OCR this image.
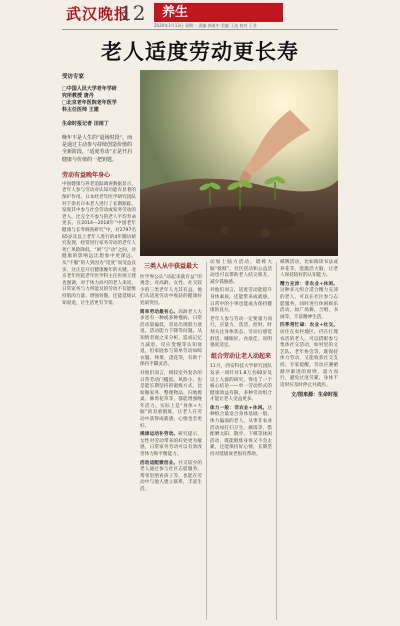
武汉晚报
12	养生
2020年1月13日 星期二 责编 郭道中 美编 王达 校对 王君
老人适度劳动更长寿
受访专家
□中国人民大学老年学研
究所教授 唐丹
□北京老年医院老年医学
科主任医师 王建
生命时报记者 田雨丁
晚年不是人生的“退场时段”，而是通过主动参与持续创造价值的全新阶段。“适度劳动”正是开启健康与价值的一把钥匙。
劳动有益晚年身心
中国健康与养老追踪调查数据显示，老年人参与劳动对认知功能有显著的保护作用。日本经老年医学研究团队对千余名日本老人进行了长期跟踪，发现其中参与社会劳动或家务劳动的老人，比完全不参与的老人平均寿命更长。在2014—2018年“中国老年健康与长寿调查研究”中，对2797名65岁及以上老年人进行的4年随访研究发现，经常进行家务劳动的老年人死亡风险降低。“闲”与“动”之间，对健康的影响远比想象中更深远。从“不服”的人到因为“适度”而受益良多，这正是开启健康晚年的关键。北京老年医院老年医学科主任医师王建也强调，对于体力尚可的老人来说，日常家务与力所能及的劳动不仅能维持肌肉力量、增强骨骼，还能延缓认知衰退，让生活更有节奏。
三类人从中获益最大
医学界公认“动起来就有益”的观念，对高龄、女性、社交较少的三类老年人尤其有益。他们从适度劳动中收获的健康好处最突出。
简单劳动最有心。高龄老人大多患有一种或多种慢病，日常活动量偏低，容易出现肌力衰退、活动能力下降等问题。从知情者观之来分析，造成记忆力减退、反应变慢等认知衰退，但家庭参与简单劳动如晾衣服、择菜、浇花等，有助于保持手脚灵活。
对他们而言，相较室外复杂的日常劳动门槛低、风险小，也是能长期坚持的锻炼方式，比如做家务、整理物品、扫地擦桌、修剪花草等，都能增强晚年活力。实际上是“身体+大脑”的双重锻炼，让老人在劳动中获得成就感，心情也会更好。
规律运动补劳动。研究提示，女性对劳动带来的好处更为敏感，日常家务劳动可以有效改善体力和平衡能力。
活动适配微创业。社交较少的老人通过参与社区志愿服务、帮邻里照看孩子等，也能在劳动中与他人建立联系，丰富生活。
动加上脑力活动，堪称大脑“救赎”。社区活动和公益活动也可以帮助老人结交朋友，减少孤独感。
对他们而言，适度劳动能提升身体素质，还能带来成就感，日常中的小事也能成为保持健康的良方。
老年人参与劳动一定要量力而行，应量力、选活、控时，时刻关注身体状态，劳动后感觉舒适、睡眠好、食欲佳，说明强度适宜。
组合劳动让老人动起来
11月，西安科技大学研究团队发表一项针对1.8万名60岁及以上人群的研究，得出了一个核心结论——单一劳动形式的健康效益有限，多种劳动组合才能让老人受益更多。
体力一般：非农业+休闲。这种组合最适合身体基础一般、体力偏弱的老人，从事非农业活动如打扫卫生、做饭等，搭配晒太阳、散步、下棋等休闲活动，既能锻炼身体又不会太累，还能保持好心情，长期坚持对延缓衰老很有帮助。
棋牌活动，比如阅读书法或养花等，能激活大脑，让老人保持较好的认知能力。
精力充沛：非农业+休闲。这种多元组合适合精力充沛的老人，可以在社区参与志愿服务，同时进行休闲娱乐活动，如广场舞、合唱、书画等，丰富精神生活。
四季常忙碌：农业+社交。居住在农村地区、仍在打理农活的老人，可以搭配参与集体社交活动，如村里的文艺队、老年协会等，既保持体力劳动，又能收获社交支持。专家提醒，劳动应遵循循序渐进的原则，量力而行，避免过度劳累，身体不适时应及时停止并就医。
文/图来源：生命时报
